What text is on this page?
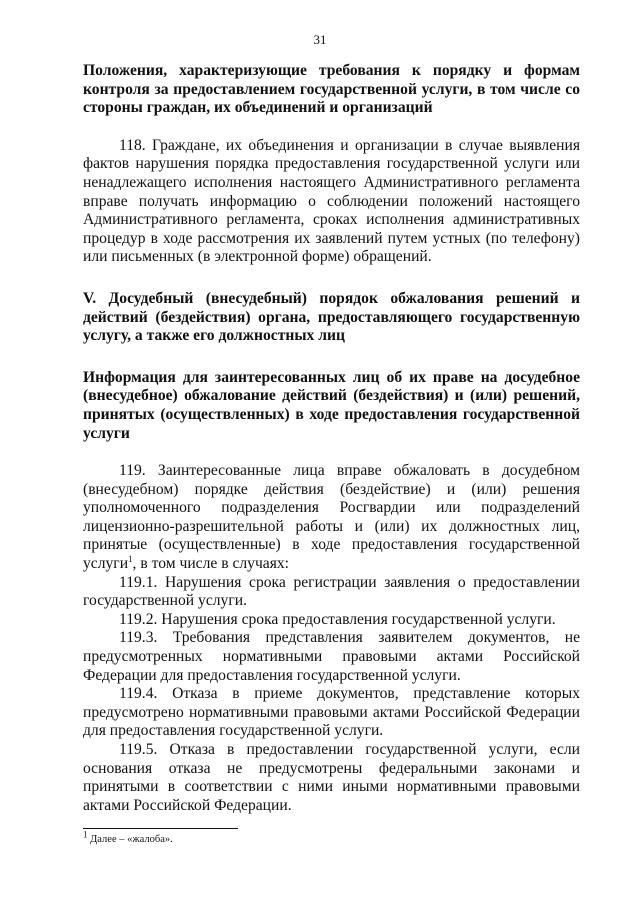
31

Положения, характеризующие требования к порядку и формам контроля за предоставлением государственной услуги, в том числе со стороны граждан, их объединений и организаций

118. Граждане, их объединения и организации в случае выявления фактов нарушения порядка предоставления государственной услуги или ненадлежащего исполнения настоящего Административного регламента вправе получать информацию о соблюдении положений настоящего Административного регламента, сроках исполнения административных процедур в ходе рассмотрения их заявлений путем устных (по телефону) или письменных (в электронной форме) обращений.

V. Досудебный (внесудебный) порядок обжалования решений и действий (бездействия) органа, предоставляющего государственную услугу, а также его должностных лиц

Информация для заинтересованных лиц об их праве на досудебное (внесудебное) обжалование действий (бездействия) и (или) решений, принятых (осуществленных) в ходе предоставления государственной услуги

119. Заинтересованные лица вправе обжаловать в досудебном (внесудебном) порядке действия (бездействие) и (или) решения уполномоченного подразделения Росгвардии или подразделений лицензионно-разрешительной работы и (или) их должностных лиц, принятые (осуществленные) в ходе предоставления государственной услуги$^1$, в том числе в случаях:

119.1. Нарушения срока регистрации заявления о предоставлении государственной услуги.

119.2. Нарушения срока предоставления государственной услуги.

119.3. Требования представления заявителем документов, не предусмотренных нормативными правовыми актами Российской Федерации для предоставления государственной услуги.

119.4. Отказа в приеме документов, представление которых предусмотрено нормативными правовыми актами Российской Федерации для предоставления государственной услуги.

119.5. Отказа в предоставлении государственной услуги, если основания отказа не предусмотрены федеральными законами и принятыми в соответствии с ними иными нормативными правовыми актами Российской Федерации.

$^1$ Далее – «жалоба».
